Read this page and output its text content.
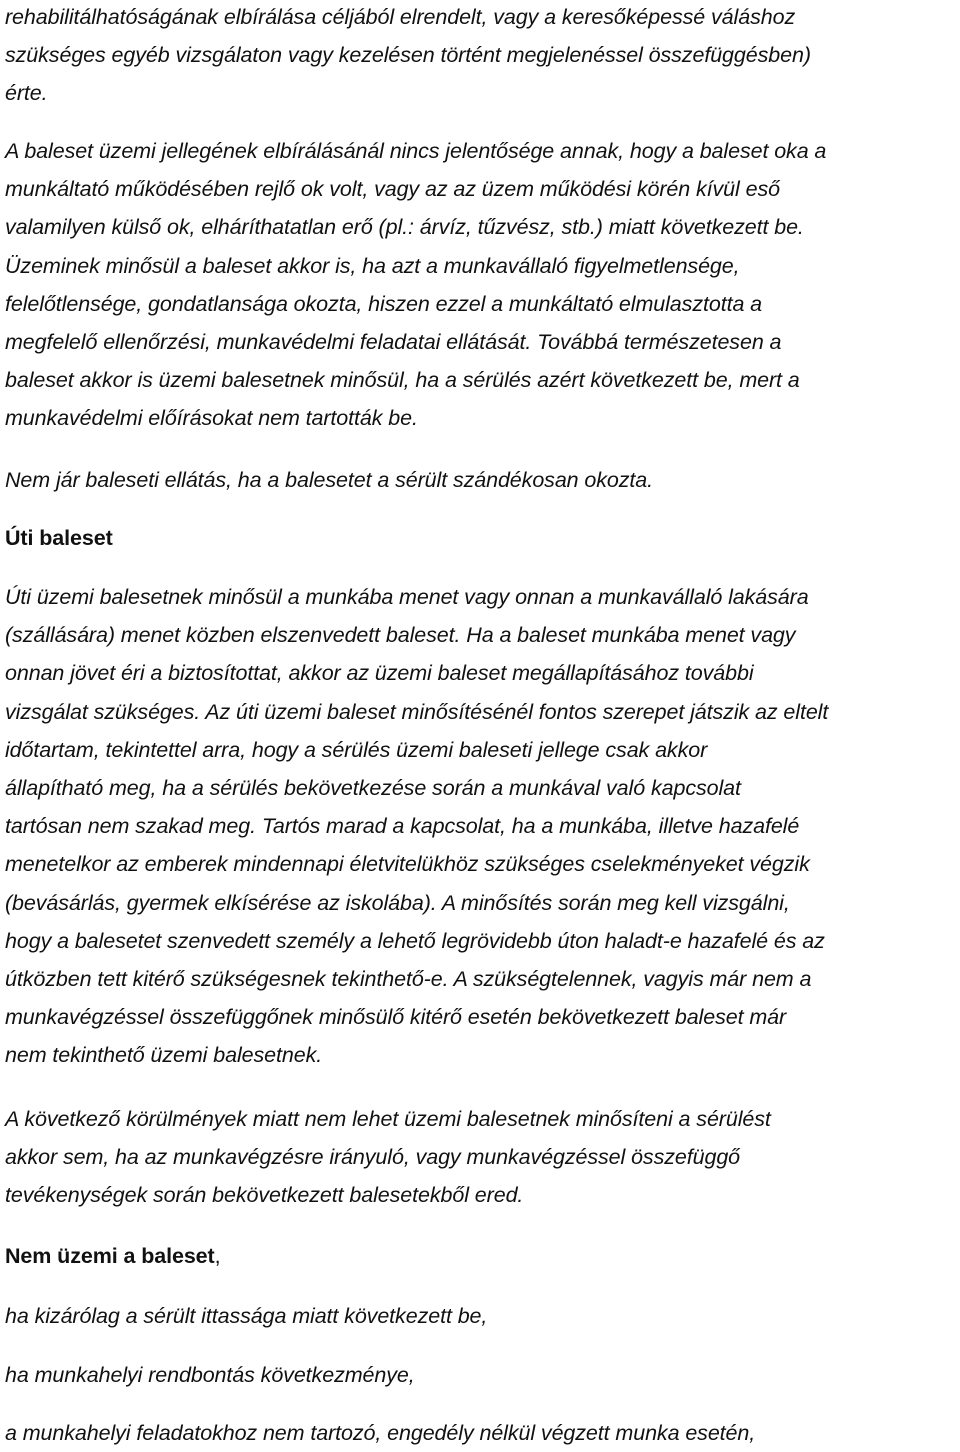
rehabilitálhatóságának elbírálása céljából elrendelt, vagy a keresőképessé váláshoz
szükséges egyéb vizsgálaton vagy kezelésen történt megjelenéssel összefüggésben)
érte.
A baleset üzemi jellegének elbírálásánál nincs jelentősége annak, hogy a baleset oka a
munkáltató működésében rejlő ok volt, vagy az az üzem működési körén kívül eső
valamilyen külső ok, elháríthatatlan erő (pl.: árvíz, tűzvész, stb.) miatt következett be.
Üzeminek minősül a baleset akkor is, ha azt a munkavállaló figyelmetlensége,
felelőtlensége, gondatlansága okozta, hiszen ezzel a munkáltató elmulasztotta a
megfelelő ellenőrzési, munkavédelmi feladatai ellátását. Továbbá természetesen a
baleset akkor is üzemi balesetnek minősül, ha a sérülés azért következett be, mert a
munkavédelmi előírásokat nem tartották be.
Nem jár baleseti ellátás, ha a balesetet a sérült szándékosan okozta.
Úti baleset
Úti üzemi balesetnek minősül a munkába menet vagy onnan a munkavállaló lakására
(szállására) menet közben elszenvedett baleset. Ha a baleset munkába menet vagy
onnan jövet éri a biztosítottat, akkor az üzemi baleset megállapításához további
vizsgálat szükséges. Az úti üzemi baleset minősítésénél fontos szerepet játszik az eltelt
időtartam, tekintettel arra, hogy a sérülés üzemi baleseti jellege csak akkor
állapítható meg, ha a sérülés bekövetkezése során a munkával való kapcsolat
tartósan nem szakad meg. Tartós marad a kapcsolat, ha a munkába, illetve hazafelé
menetelkor az emberek mindennapi életvitelükhöz szükséges cselekményeket végzik
(bevásárlás, gyermek elkísérése az iskolába). A minősítés során meg kell vizsgálni,
hogy a balesetet szenvedett személy a lehető legrövidebb úton haladt-e hazafelé és az
útközben tett kitérő szükségesnek tekinthető-e. A szükségtelennek, vagyis már nem a
munkavégzéssel összefüggőnek minősülő kitérő esetén bekövetkezett baleset már
nem tekinthető üzemi balesetnek.
A következő körülmények miatt nem lehet üzemi balesetnek minősíteni a sérülést
akkor sem, ha az munkavégzésre irányuló, vagy munkavégzéssel összefüggő
tevékenységek során bekövetkezett balesetekből ered.
Nem üzemi a baleset,
ha kizárólag a sérült ittassága miatt következett be,
ha munkahelyi rendbontás következménye,
a munkahelyi feladatokhoz nem tartozó, engedély nélkül végzett munka esetén,
